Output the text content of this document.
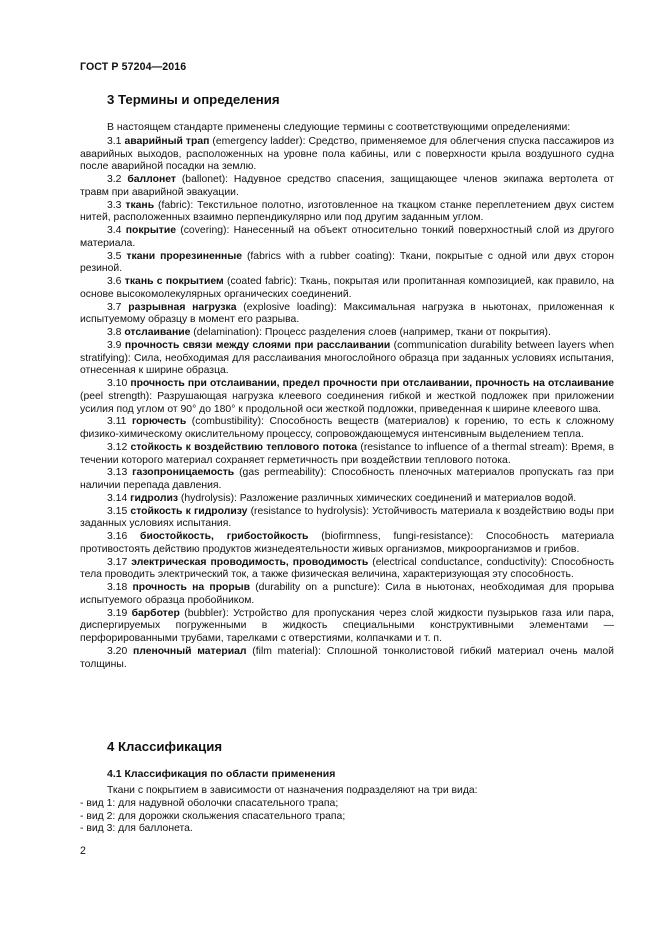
ГОСТ Р 57204—2016
3 Термины и определения

В настоящем стандарте применены следующие термины с соответствующими определениями:

3.1 аварийный трап (emergency ladder): Средство, применяемое для облегчения спуска пассажиров из аварийных выходов, расположенных на уровне пола кабины, или с поверхности крыла воздушного судна после аварийной посадки на землю.

3.2 баллонет (ballonet): Надувное средство спасения, защищающее членов экипажа вертолета от травм при аварийной эвакуации.

3.3 ткань (fabric): Текстильное полотно, изготовленное на ткацком станке переплетением двух систем нитей, расположенных взаимно перпендикулярно или под другим заданным углом.

3.4 покрытие (covering): Нанесенный на объект относительно тонкий поверхностный слой из другого материала.

3.5 ткани прорезиненные (fabrics with a rubber coating): Ткани, покрытые с одной или двух сторон резиной.

3.6 ткань с покрытием (coated fabric): Ткань, покрытая или пропитанная композицией, как правило, на основе высокомолекулярных органических соединений.

3.7 разрывная нагрузка (explosive loading): Максимальная нагрузка в ньютонах, приложенная к испытуемому образцу в момент его разрыва.

3.8 отслаивание (delamination): Процесс разделения слоев (например, ткани от покрытия).

3.9 прочность связи между слоями при расслаивании (communication durability between layers when stratifying): Сила, необходимая для расслаивания многослойного образца при заданных условиях испытания, отнесенная к ширине образца.

3.10 прочность при отслаивании, предел прочности при отслаивании, прочность на отслаивание (peel strength): Разрушающая нагрузка клеевого соединения гибкой и жесткой подложек при приложении усилия под углом от 90° до 180° к продольной оси жесткой подложки, приведенная к ширине клеевого шва.

3.11 горючесть (combustibility): Способность веществ (материалов) к горению, то есть к сложному физико-химическому окислительному процессу, сопровождающемуся интенсивным выделением тепла.

3.12 стойкость к воздействию теплового потока (resistance to influence of a thermal stream): Время, в течении которого материал сохраняет герметичность при воздействии теплового потока.

3.13 газопроницаемость (gas permeability): Способность пленочных материалов пропускать газ при наличии перепада давления.

3.14 гидролиз (hydrolysis): Разложение различных химических соединений и материалов водой.

3.15 стойкость к гидролизу (resistance to hydrolysis): Устойчивость материала к воздействию воды при заданных условиях испытания.

3.16 биостойкость, грибостойкость (biofirmness, fungi-resistance): Способность материала противостоять действию продуктов жизнедеятельности живых организмов, микроорганизмов и грибов.

3.17 электрическая проводимость, проводимость (electrical conductance, conductivity): Способность тела проводить электрический ток, а также физическая величина, характеризующая эту способность.

3.18 прочность на прорыв (durability on a puncture): Сила в ньютонах, необходимая для прорыва испытуемого образца пробойником.

3.19 барботер (bubbler): Устройство для пропускания через слой жидкости пузырьков газа или пара, диспергируемых погруженными в жидкость специальными конструктивными элементами — перфорированными трубами, тарелками с отверстиями, колпачками и т. п.

3.20 пленочный материал (film material): Сплошной тонколистовой гибкий материал очень малой толщины.

4 Классификация
4.1 Классификация по области применения

Ткани с покрытием в зависимости от назначения подразделяют на три вида:

- вид 1: для надувной оболочки спасательного трапа;

- вид 2: для дорожки скольжения спасательного трапа;

- вид 3: для баллонета.

2
